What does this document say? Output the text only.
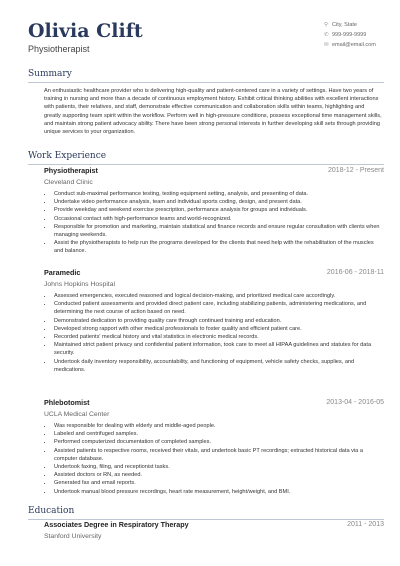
Olivia Clift
Physiotherapist
⚲ City, State
✆ 999-999-9999
✉ email@email.com
Summary
An enthusiastic healthcare provider who is delivering high-quality and patient-centered care in a variety of settings. Have two years of training in nursing and more than a decade of continuous employment history. Exhibit critical thinking abilities with excellent interactions with patients, their relatives, and staff, demonstrate effective communication and collaboration skills within teams, highlighting and greatly supporting team spirit within the workflow. Perform well in high-pressure conditions, possess exceptional time management skills, and maintain strong patient advocacy ability. There have been strong personal interests in further developing skill sets through providing unique services to your organization.
Work Experience
Physiotherapist	2018-12 - Present
Cleveland Clinic
• Conduct sub-maximal performance testing, testing equipment setting, analysis, and presenting of data.
• Undertake video performance analysis, team and individual sports coding, design, and present data.
• Provide weekday and weekend exercise prescription, performance analysis for groups and individuals.
• Occasional contact with high-performance teams and world-recognized.
• Responsible for promotion and marketing, maintain statistical and finance records and ensure regular consultation with clients when managing weekends.
• Assist the physiotherapists to help run the programs developed for the clients that need help with the rehabilitation of the muscles and balance.
Paramedic	2016-06 - 2018-11
Johns Hopkins Hospital
• Assessed emergencies, executed reasoned and logical decision-making, and prioritized medical care accordingly.
• Conducted patient assessments and provided direct patient care, including stabilizing patients, administering medications, and determining the next course of action based on need.
• Demonstrated dedication to providing quality care through continued training and education.
• Developed strong rapport with other medical professionals to foster quality and efficient patient care.
• Recorded patients' medical history and vital statistics in electronic medical records.
• Maintained strict patient privacy and confidential patient information, took care to meet all HIPAA guidelines and statutes for data security.
• Undertook daily inventory responsibility, accountability, and functioning of equipment, vehicle safety checks, supplies, and medications.
Phlebotomist	2013-04 - 2016-05
UCLA Medical Center
• Was responsible for dealing with elderly and middle-aged people.
• Labeled and centrifuged samples.
• Performed computerized documentation of completed samples.
• Assisted patients to respective rooms, received their vitals, and undertook basic PT recordings; extracted historical data via a computer database.
• Undertook faxing, filing, and receptionist tasks.
• Assisted doctors or RN, as needed.
• Generated fax and email reports.
• Undertook manual blood pressure recordings, heart rate measurement, height/weight, and BMI.
Education
Associates Degree in Respiratory Therapy	2011 - 2013
Stanford University
